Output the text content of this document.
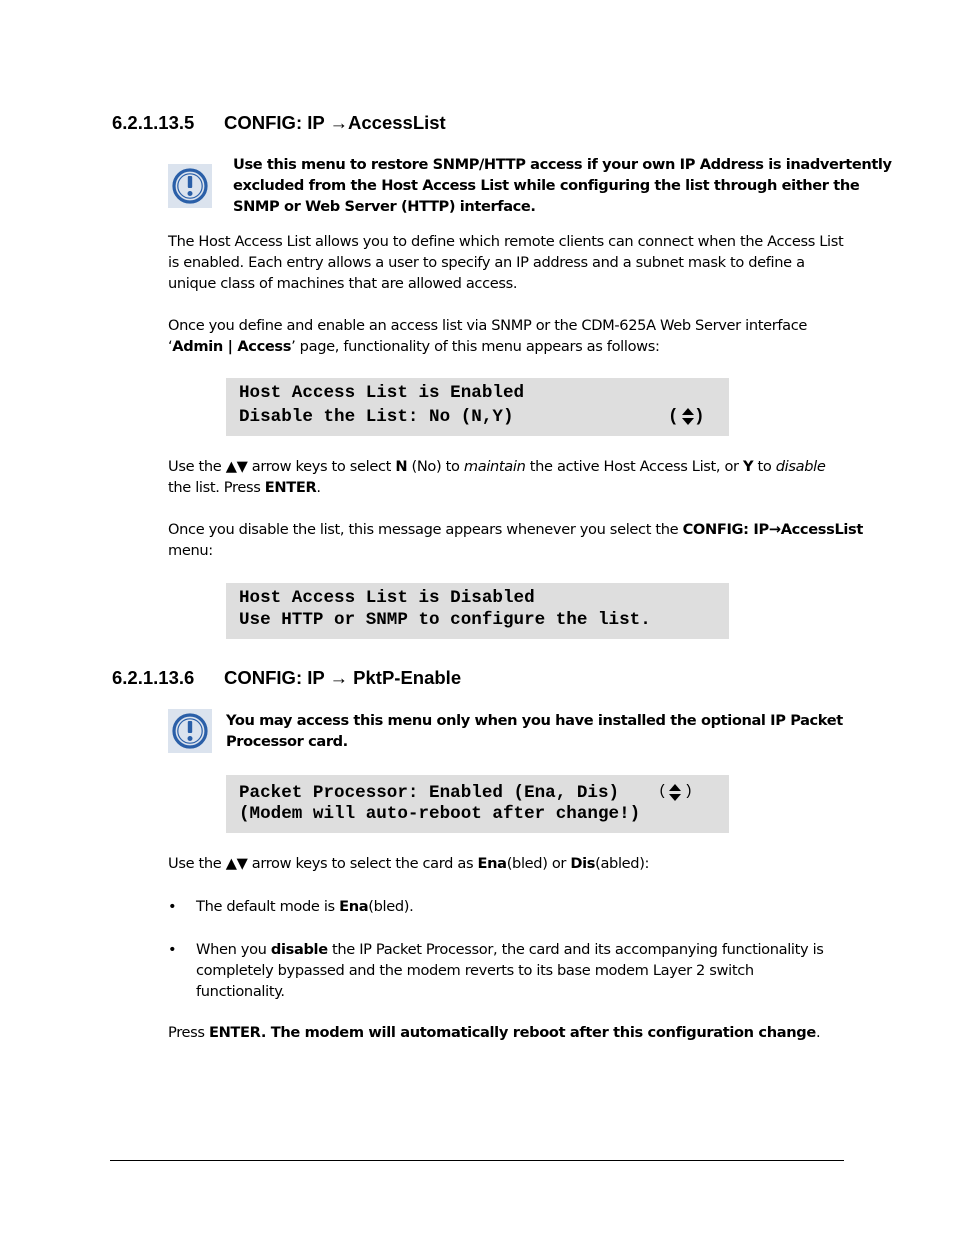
6.2.1.13.5 CONFIG: IP →AccessList
Use this menu to restore SNMP/HTTP access if your own IP Address is inadvertently
excluded from the Host Access List while configuring the list through either the
SNMP or Web Server (HTTP) interface.
The Host Access List allows you to define which remote clients can connect when the Access List
is enabled. Each entry allows a user to specify an IP address and a subnet mask to define a
unique class of machines that are allowed access.
Once you define and enable an access list via SNMP or the CDM-625A Web Server interface
‘Admin | Access’ page, functionality of this menu appears as follows:
Host Access List is Enabled
Disable the List: No (N,Y)	( )
Use the ▲▼ arrow keys to select N (No) to maintain the active Host Access List, or Y to disable
the list. Press ENTER.
Once you disable the list, this message appears whenever you select the CONFIG: IP→AccessList
menu:
Host Access List is Disabled
Use HTTP or SNMP to configure the list.
6.2.1.13.6 CONFIG: IP → PktP-Enable
You may access this menu only when you have installed the optional IP Packet
Processor card.
Packet Processor: Enabled (Ena, Dis)	( )
(Modem will auto-reboot after change!)
Use the ▲▼ arrow keys to select the card as Ena(bled) or Dis(abled):
• The default mode is Ena(bled).
• When you disable the IP Packet Processor, the card and its accompanying functionality is
completely bypassed and the modem reverts to its base modem Layer 2 switch
functionality.
Press ENTER. The modem will automatically reboot after this configuration change.
